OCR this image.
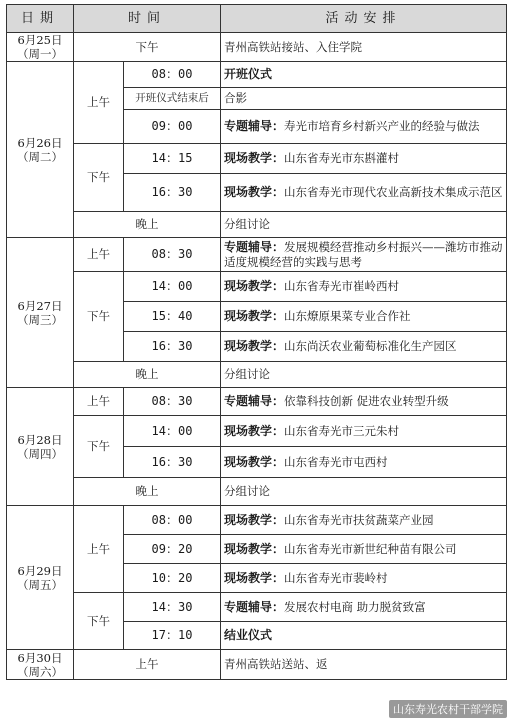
日期	时间		活动安排

6月25日
（周一）	下午		青州高铁站接站、入住学院

6月26日
（周二）	上午	08：00	开班仪式
		开班仪式结束后	合影
		09：00	专题辅导：寿光市培育乡村新兴产业的经验与做法
	下午	14：15	现场教学：山东省寿光市东斟灌村
		16：30	现场教学：山东省寿光市现代农业高新技术集成示范区
	晚上		分组讨论

6月27日
（周三）	上午	08：30	专题辅导：发展规模经营推动乡村振兴——潍坊市推动适度规模经营的实践与思考
	下午	14：00	现场教学：山东省寿光市崔岭西村
		15：40	现场教学：山东燎原果菜专业合作社
		16：30	现场教学：山东尚沃农业葡萄标准化生产园区
	晚上		分组讨论

6月28日
（周四）	上午	08：30	专题辅导：依靠科技创新 促进农业转型升级
	下午	14：00	现场教学：山东省寿光市三元朱村
		16：30	现场教学：山东省寿光市屯西村
	晚上		分组讨论

6月29日
（周五）	上午	08：00	现场教学：山东省寿光市扶贫蔬菜产业园
		09：20	现场教学：山东省寿光市新世纪种苗有限公司
		10：20	现场教学：山东省寿光市裴岭村
	下午	14：30	专题辅导：发展农村电商 助力脱贫致富
		17：10	结业仪式

6月30日
（周六）	上午		青州高铁站送站、返
山东寿光农村干部学院
